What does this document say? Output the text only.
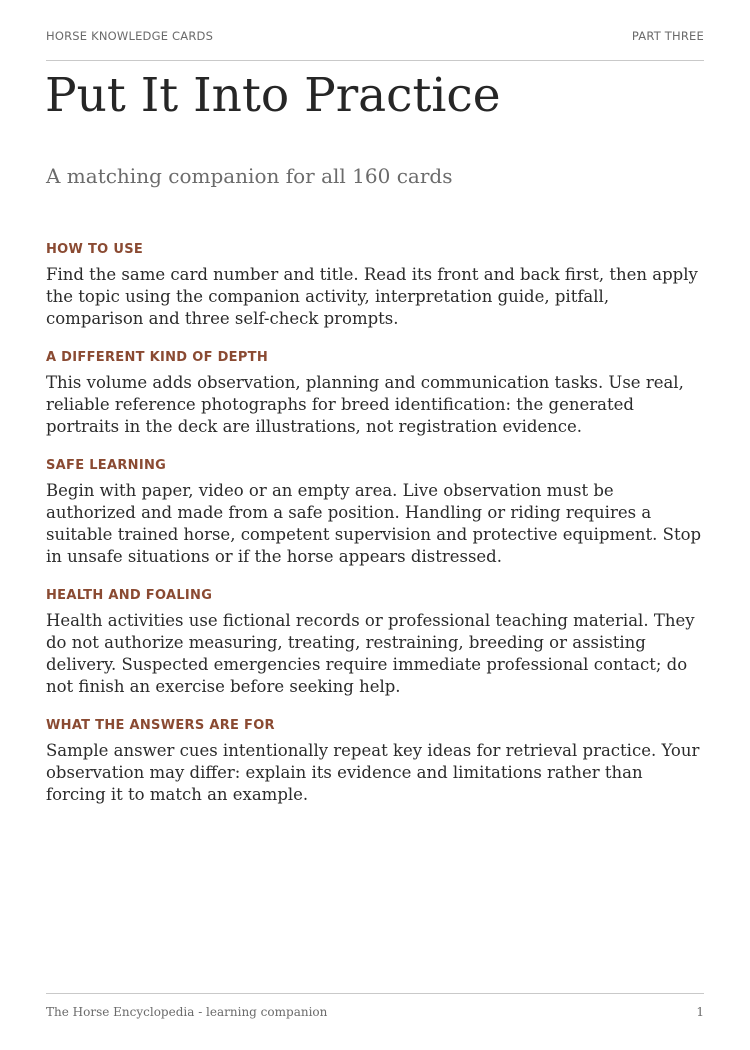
HORSE KNOWLEDGE CARDS	PART THREE
Put It Into Practice
A matching companion for all 160 cards
HOW TO USE

Find the same card number and title. Read its front and back first, then apply the topic using the companion activity, interpretation guide, pitfall, comparison and three self-check prompts.

A DIFFERENT KIND OF DEPTH

This volume adds observation, planning and communication tasks. Use real, reliable reference photographs for breed identification: the generated portraits in the deck are illustrations, not registration evidence.

SAFE LEARNING

Begin with paper, video or an empty area. Live observation must be authorized and made from a safe position. Handling or riding requires a suitable trained horse, competent supervision and protective equipment. Stop in unsafe situations or if the horse appears distressed.

HEALTH AND FOALING

Health activities use fictional records or professional teaching material. They do not authorize measuring, treating, restraining, breeding or assisting delivery. Suspected emergencies require immediate professional contact; do not finish an exercise before seeking help.

WHAT THE ANSWERS ARE FOR

Sample answer cues intentionally repeat key ideas for retrieval practice. Your observation may differ: explain its evidence and limitations rather than forcing it to match an example.

The Horse Encyclopedia - learning companion	1
